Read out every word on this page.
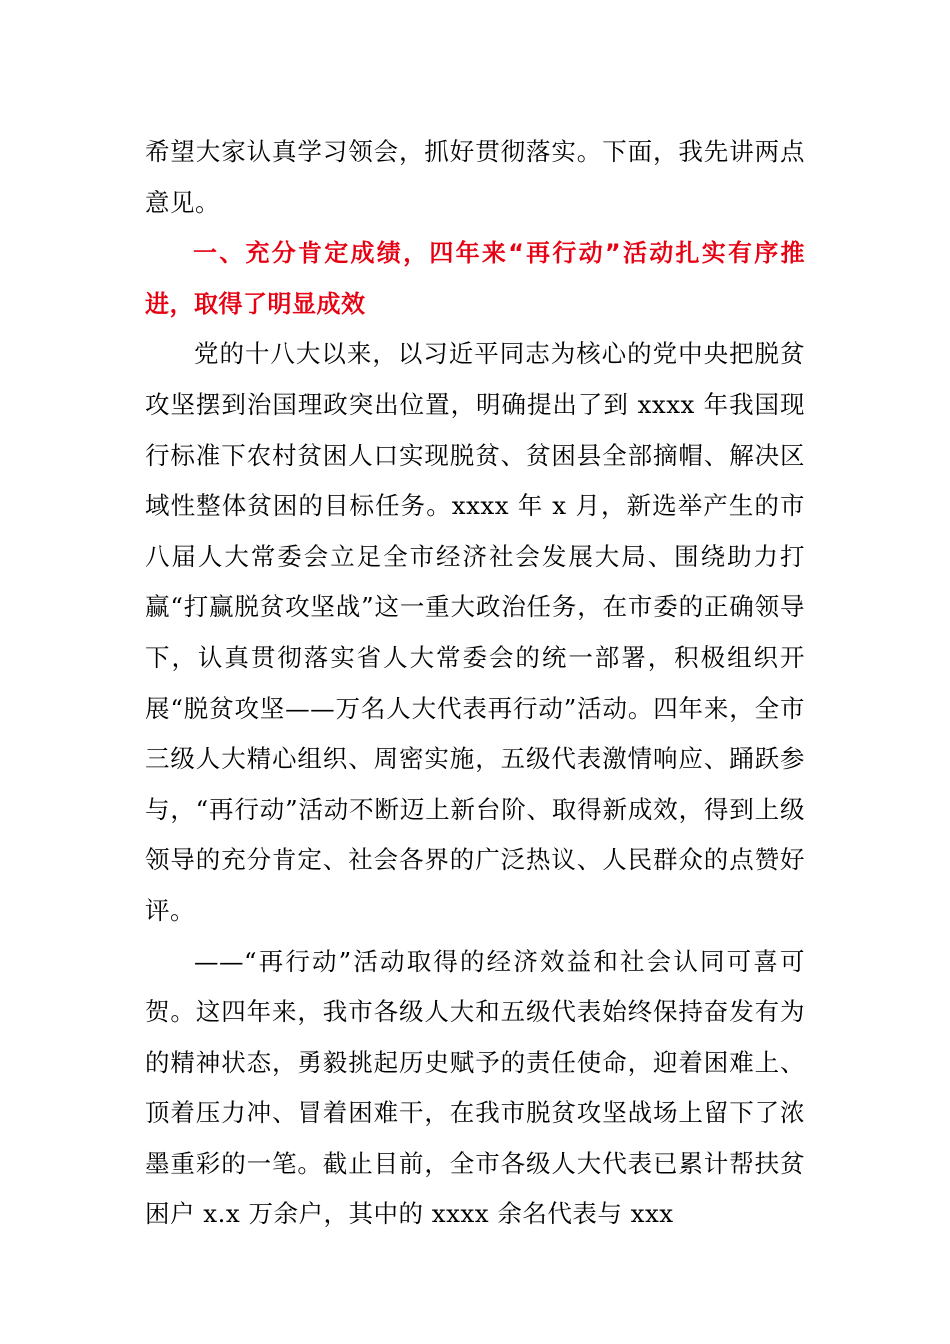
希望大家认真学习领会，抓好贯彻落实。下面，我先讲两点意见。

一、充分肯定成绩，四年来“再行动”活动扎实有序推进，取得了明显成效

党的十八大以来，以习近平同志为核心的党中央把脱贫攻坚摆到治国理政突出位置，明确提出了到 xxxx 年我国现行标准下农村贫困人口实现脱贫、贫困县全部摘帽、解决区域性整体贫困的目标任务。xxxx 年 x 月，新选举产生的市八届人大常委会立足全市经济社会发展大局、围绕助力打赢“打赢脱贫攻坚战”这一重大政治任务，在市委的正确领导下，认真贯彻落实省人大常委会的统一部署，积极组织开展“脱贫攻坚——万名人大代表再行动”活动。四年来，全市三级人大精心组织、周密实施，五级代表激情响应、踊跃参与，“再行动”活动不断迈上新台阶、取得新成效，得到上级领导的充分肯定、社会各界的广泛热议、人民群众的点赞好评。

——“再行动”活动取得的经济效益和社会认同可喜可贺。这四年来，我市各级人大和五级代表始终保持奋发有为的精神状态，勇毅挑起历史赋予的责任使命，迎着困难上、顶着压力冲、冒着困难干，在我市脱贫攻坚战场上留下了浓墨重彩的一笔。截止目前，全市各级人大代表已累计帮扶贫困户 x.x 万余户，其中的 xxxx 余名代表与 xxx
